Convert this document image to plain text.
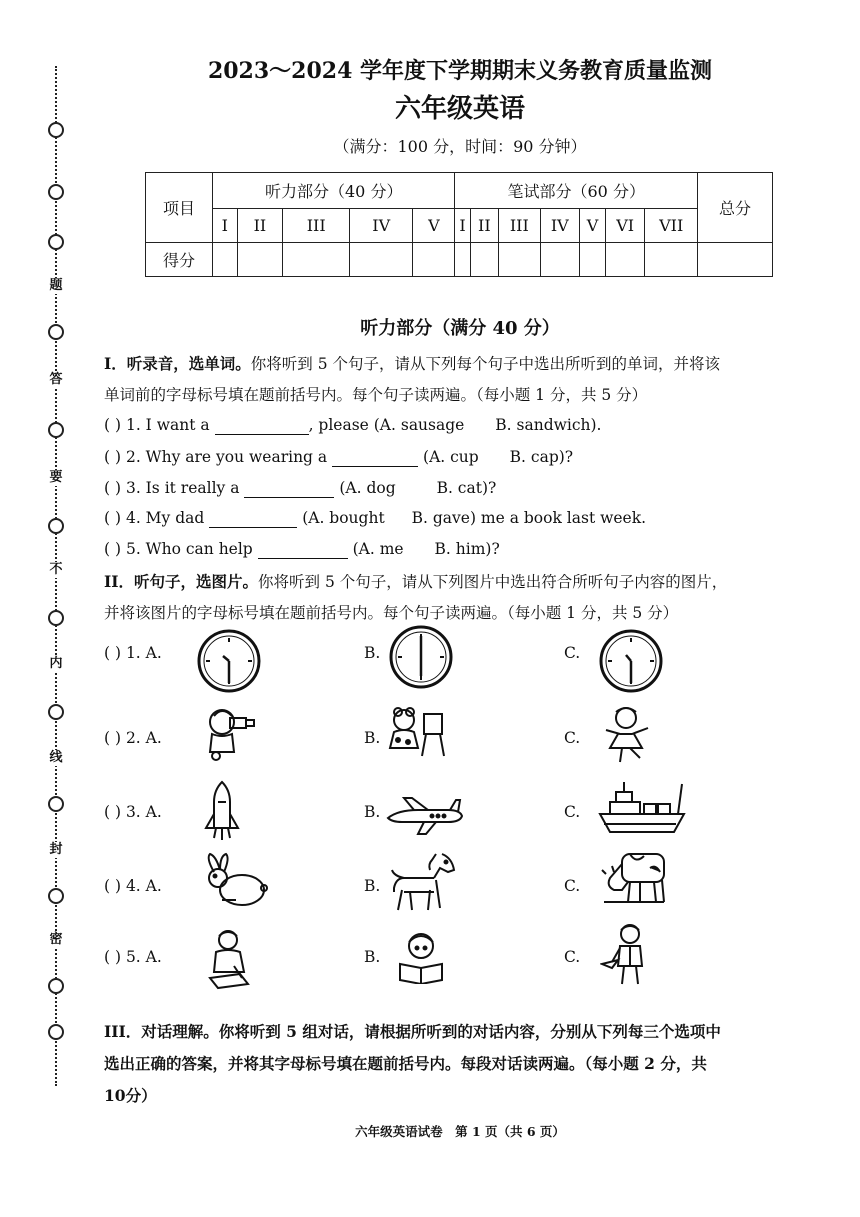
题
答
要
不
内
线
封
密
2023～2024 学年度下学期期末义务教育质量监测
六年级英语
（满分：100 分，时间：90 分钟）
项目	听力部分（40 分）					笔试部分（60 分）							总分
	I	II	III	IV	V	I	II	III	IV	V	VI	VII	
得分													
听力部分（满分 40 分）
I．听录音，选单词。你将听到 5 个句子，请从下列每个句子中选出所听到的单词，并将该
单词前的字母标号填在题前括号内。每个句子读两遍。（每小题 1 分，共 5 分）
( ) 1. I want a	, please (A. sausage B. sandwich).
( ) 2. Why are you wearing a	(A. cup B. cap)?
( ) 3. Is it really a	(A. dog	B. cat)?
( ) 4. My dad	(A. bought B. gave) me a book last week.
( ) 5. Who can help	(A. me B. him)?
II．听句子，选图片。你将听到 5 个句子，请从下列图片中选出符合所听句子内容的图片，
并将该图片的字母标号填在题前括号内。每个句子读两遍。（每小题 1 分，共 5 分）
( ) 1. A.	B.	C.
( ) 2. A.	B.	C.
( ) 3. A.	B.	C.
( ) 4. A.	B.	C.
( ) 5. A.	B.	C.
III．对话理解。你将听到 5 组对话，请根据所听到的对话内容，分别从下列每三个选项中
选出正确的答案，并将其字母标号填在题前括号内。每段对话读两遍。（每小题 2 分，共
10分）
六年级英语试卷　第 1 页（共 6 页）
